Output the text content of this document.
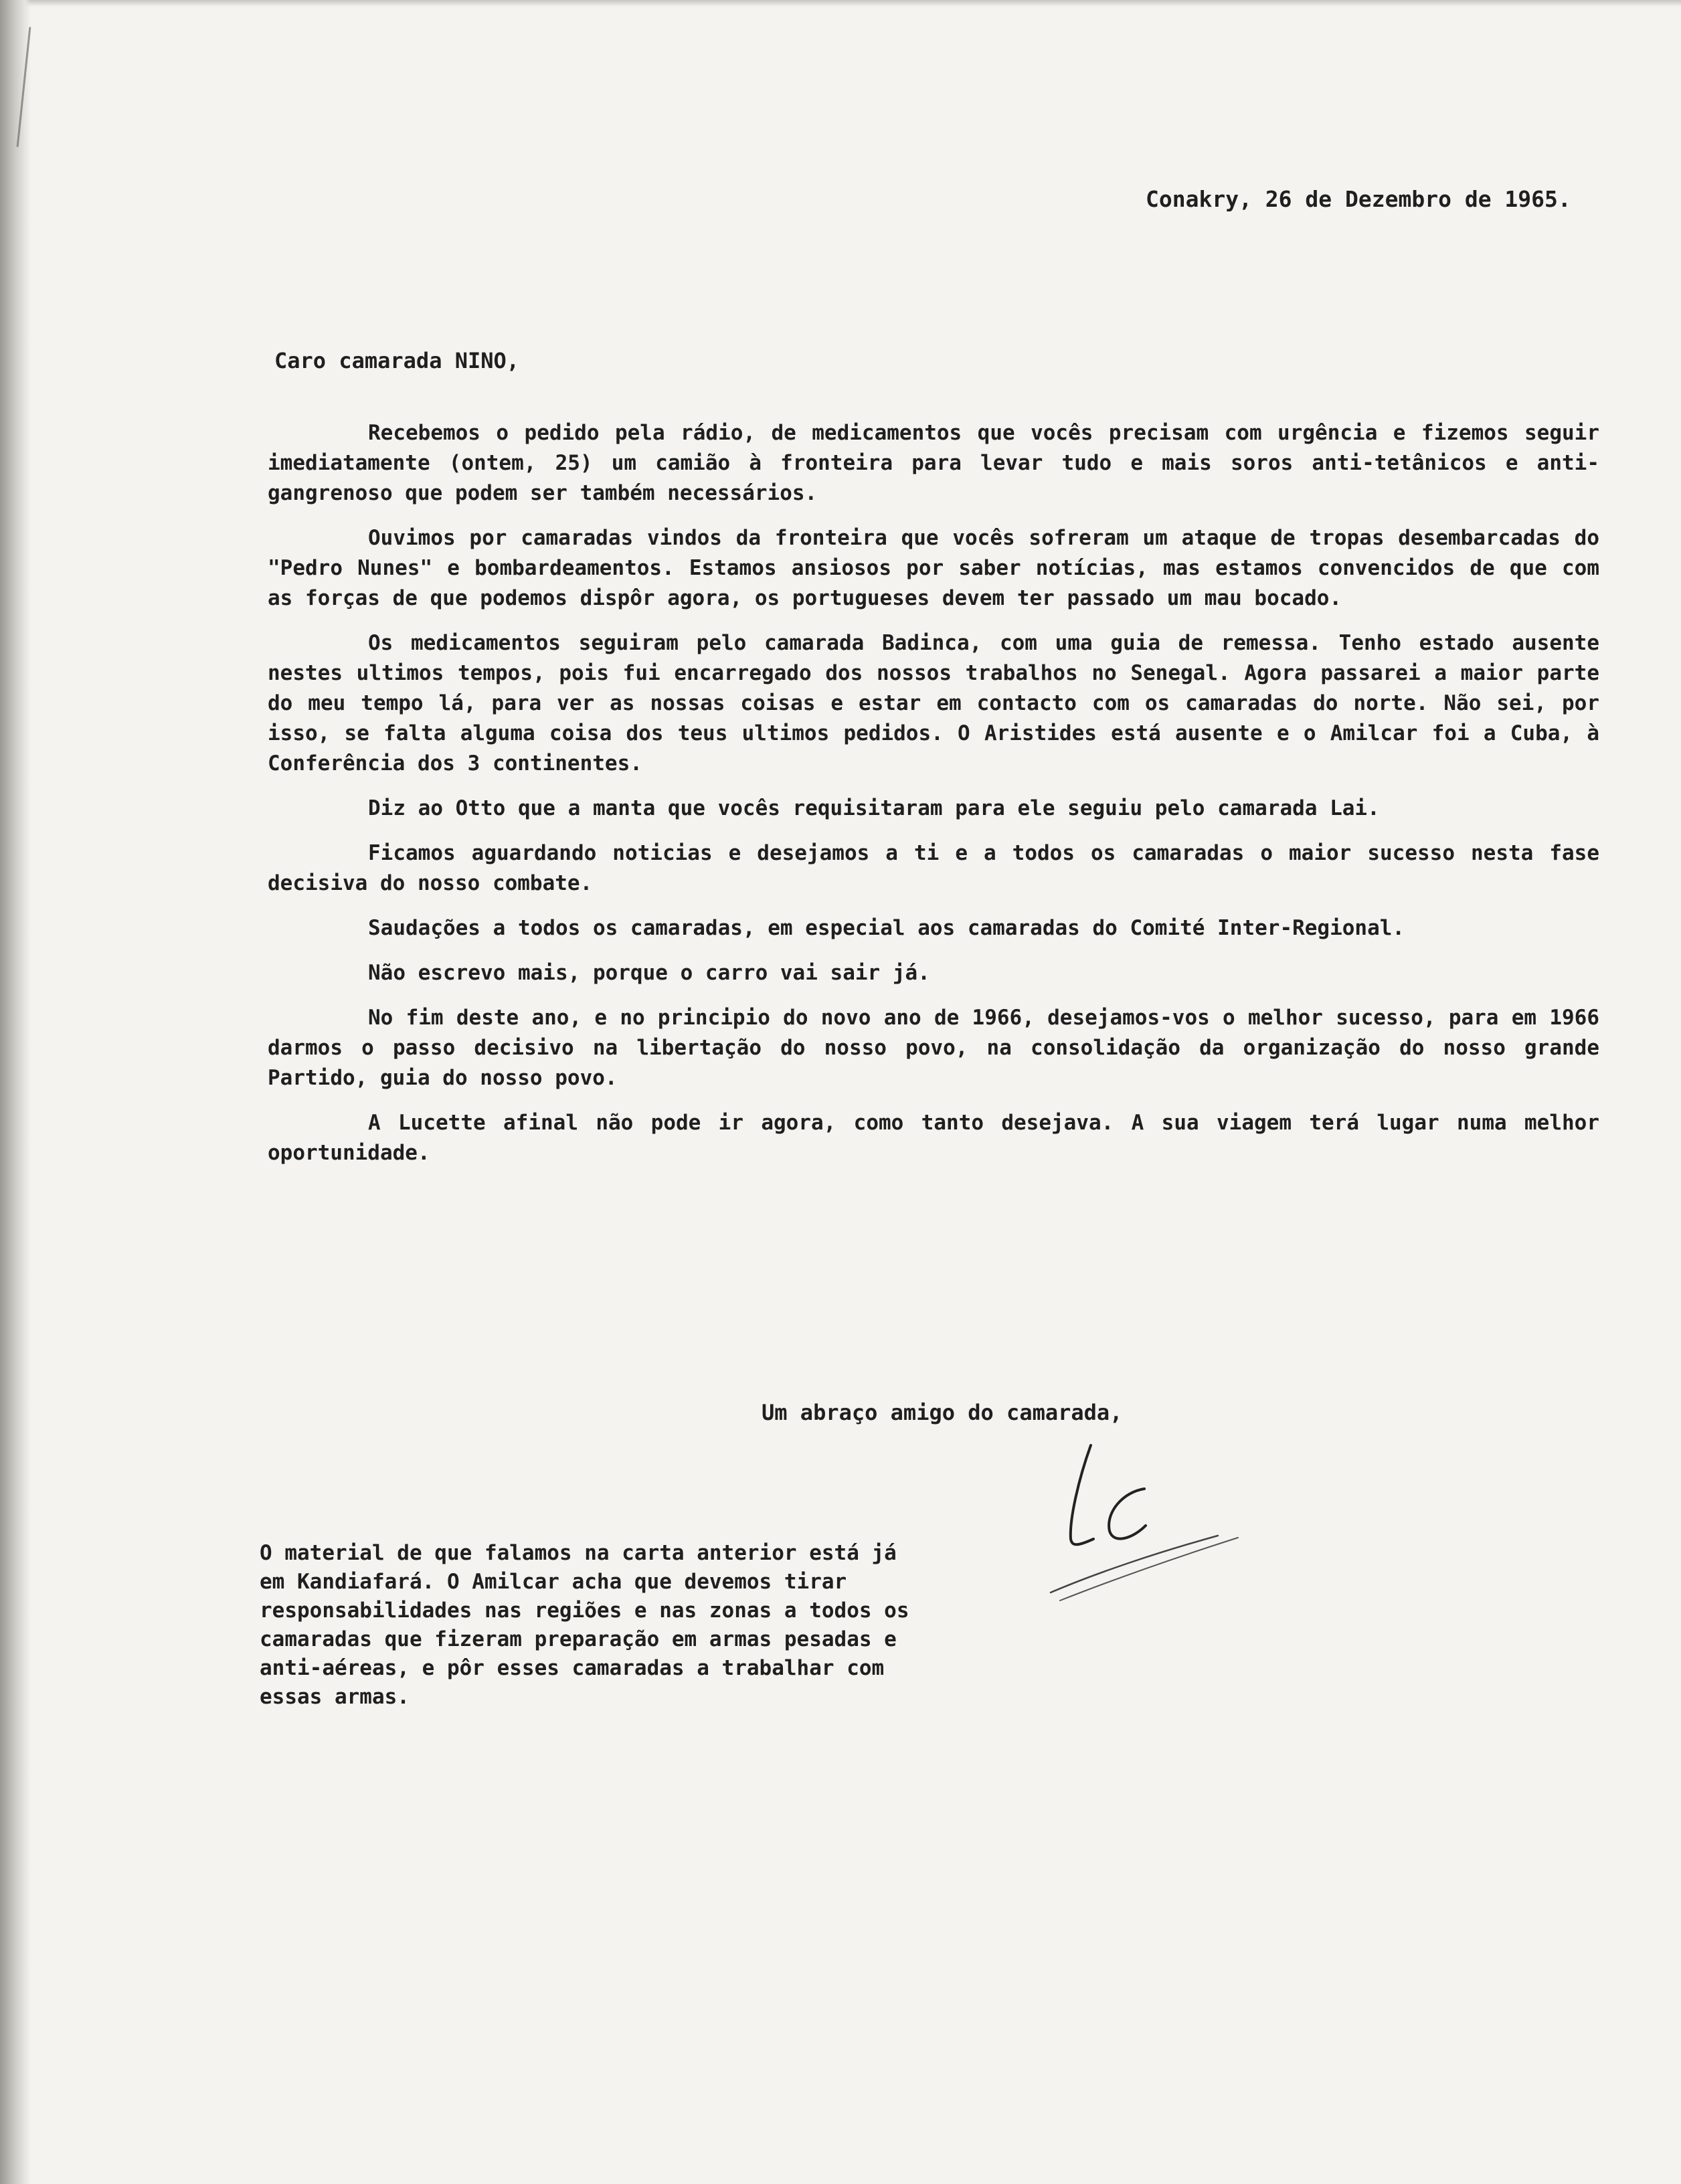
Conakry, 26 de Dezembro de 1965.
Caro camarada NINO,

Recebemos o pedido pela rádio, de medicamentos que vocês precisam com urgência e fizemos seguir imediatamente (ontem, 25) um camião à fronteira para levar tudo e mais soros anti-tetânicos e anti-gangrenoso que podem ser também necessários.

Ouvimos por camaradas vindos da fronteira que vocês sofreram um ataque de tropas desembarcadas do "Pedro Nunes" e bombardeamentos. Estamos ansiosos por saber notícias, mas estamos convencidos de que com as forças de que podemos dispôr agora, os portugueses devem ter passado um mau bocado.

Os medicamentos seguiram pelo camarada Badinca, com uma guia de remessa. Tenho estado ausente nestes ultimos tempos, pois fui encarregado dos nossos trabalhos no Senegal. Agora passarei a maior parte do meu tempo lá, para ver as nossas coisas e estar em contacto com os camaradas do norte. Não sei, por isso, se falta alguma coisa dos teus ultimos pedidos. O Aristides está ausente e o Amilcar foi a Cuba, à Conferência dos 3 continentes.

Diz ao Otto que a manta que vocês requisitaram para ele seguiu pelo camarada Lai.

Ficamos aguardando noticias e desejamos a ti e a todos os camaradas o maior sucesso nesta fase decisiva do nosso combate.

Saudações a todos os camaradas, em especial aos camaradas do Comité Inter-Regional.

Não escrevo mais, porque o carro vai sair já.

No fim deste ano, e no principio do novo ano de 1966, desejamos-vos o melhor sucesso, para em 1966 darmos o passo decisivo na libertação do nosso povo, na consolidação da organização do nosso grande Partido, guia do nosso povo.

A Lucette afinal não pode ir agora, como tanto desejava. A sua viagem terá lugar numa melhor oportunidade.

Um abraço amigo do camarada,
O material de que falamos na carta anterior está já em Kandiafará. O Amilcar acha que devemos tirar responsabilidades nas regiões e nas zonas a todos os camaradas que fizeram preparação em armas pesadas e anti-aéreas, e pôr esses camaradas a trabalhar com essas armas.
